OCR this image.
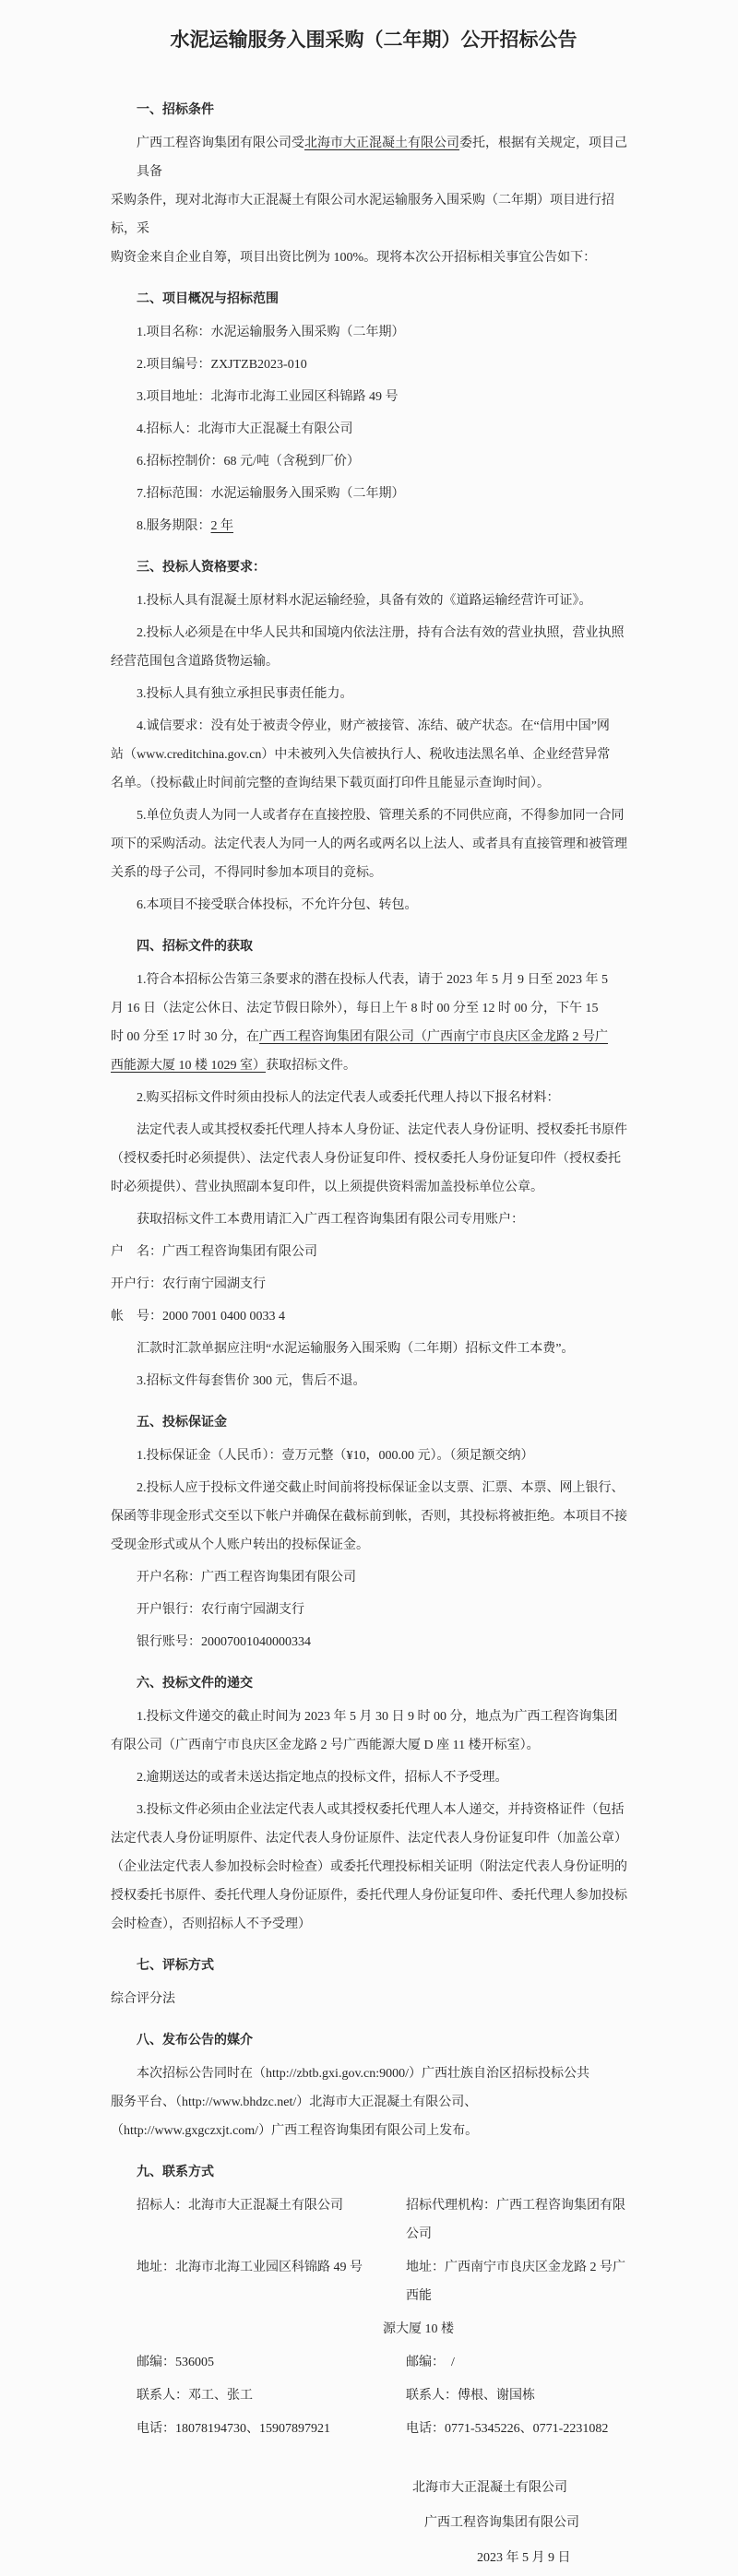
水泥运输服务入围采购（二年期）公开招标公告
一、招标条件
广西工程咨询集团有限公司受北海市大正混凝土有限公司委托，根据有关规定，项目己具备
采购条件，现对北海市大正混凝土有限公司水泥运输服务入围采购（二年期）项目进行招标，采
购资金来自企业自筹，项目出资比例为 100%。现将本次公开招标相关事宜公告如下：
二、项目概况与招标范围
1.项目名称：水泥运输服务入围采购（二年期）
2.项目编号：ZXJTZB2023-010
3.项目地址：北海市北海工业园区科锦路 49 号
4.招标人：北海市大正混凝土有限公司
6.招标控制价：68 元/吨（含税到厂价）
7.招标范围：水泥运输服务入围采购（二年期）
8.服务期限：2 年
三、投标人资格要求：
1.投标人具有混凝土原材料水泥运输经验，具备有效的《道路运输经营许可证》。
2.投标人必须是在中华人民共和国境内依法注册，持有合法有效的营业执照，营业执照
经营范围包含道路货物运输。
3.投标人具有独立承担民事责任能力。
4.诚信要求：没有处于被责令停业，财产被接管、冻结、破产状态。在“信用中国”网
站（www.creditchina.gov.cn）中未被列入失信被执行人、税收违法黑名单、企业经营异常
名单。（投标截止时间前完整的查询结果下载页面打印件且能显示查询时间）。
5.单位负责人为同一人或者存在直接控股、管理关系的不同供应商，不得参加同一合同
项下的采购活动。法定代表人为同一人的两名或两名以上法人、或者具有直接管理和被管理
关系的母子公司，不得同时参加本项目的竞标。
6.本项目不接受联合体投标，不允许分包、转包。
四、招标文件的获取
1.符合本招标公告第三条要求的潜在投标人代表，请于 2023 年 5 月 9 日至 2023 年 5
月 16 日（法定公休日、法定节假日除外），每日上午 8 时 00 分至 12 时 00 分，下午 15
时 00 分至 17 时 30 分，在广西工程咨询集团有限公司（广西南宁市良庆区金龙路 2 号广
西能源大厦 10 楼 1029 室）获取招标文件。
2.购买招标文件时须由投标人的法定代表人或委托代理人持以下报名材料：
法定代表人或其授权委托代理人持本人身份证、法定代表人身份证明、授权委托书原件
（授权委托时必须提供）、法定代表人身份证复印件、授权委托人身份证复印件（授权委托
时必须提供）、营业执照副本复印件，以上须提供资料需加盖投标单位公章。
获取招标文件工本费用请汇入广西工程咨询集团有限公司专用账户：
户　名：广西工程咨询集团有限公司
开户行：农行南宁园湖支行
帐　号：2000 7001 0400 0033 4
汇款时汇款单据应注明“水泥运输服务入围采购（二年期）招标文件工本费”。
3.招标文件每套售价 300 元，售后不退。
五、投标保证金
1.投标保证金（人民币）：壹万元整（¥10，000.00 元）。（须足额交纳）
2.投标人应于投标文件递交截止时间前将投标保证金以支票、汇票、本票、网上银行、
保函等非现金形式交至以下帐户并确保在截标前到帐，否则，其投标将被拒绝。本项目不接
受现金形式或从个人账户转出的投标保证金。
开户名称：广西工程咨询集团有限公司
开户银行：农行南宁园湖支行
银行账号：20007001040000334
六、投标文件的递交
1.投标文件递交的截止时间为 2023 年 5 月 30 日 9 时 00 分，地点为广西工程咨询集团
有限公司（广西南宁市良庆区金龙路 2 号广西能源大厦 D 座 11 楼开标室）。
2.逾期送达的或者未送达指定地点的投标文件，招标人不予受理。
3.投标文件必须由企业法定代表人或其授权委托代理人本人递交，并持资格证件（包括
法定代表人身份证明原件、法定代表人身份证原件、法定代表人身份证复印件（加盖公章）
（企业法定代表人参加投标会时检查）或委托代理投标相关证明（附法定代表人身份证明的
授权委托书原件、委托代理人身份证原件，委托代理人身份证复印件、委托代理人参加投标
会时检查），否则招标人不予受理）
七、评标方式
综合评分法
八、发布公告的媒介
本次招标公告同时在（http://zbtb.gxi.gov.cn:9000/）广西壮族自治区招标投标公共
服务平台、（http://www.bhdzc.net/）北海市大正混凝土有限公司、
（http://www.gxgczxjt.com/）广西工程咨询集团有限公司上发布。
九、联系方式
招标人：北海市大正混凝土有限公司	招标代理机构：广西工程咨询集团有限公司
地址：北海市北海工业园区科锦路 49 号	地址：广西南宁市良庆区金龙路 2 号广西能
源大厦 10 楼
邮编：536005	邮编：  /
联系人：邓工、张工	联系人：傅根、谢国栋
电话：18078194730、15907897921	电话：0771-5345226、0771-2231082
北海市大正混凝土有限公司
广西工程咨询集团有限公司
2023 年 5 月 9 日
